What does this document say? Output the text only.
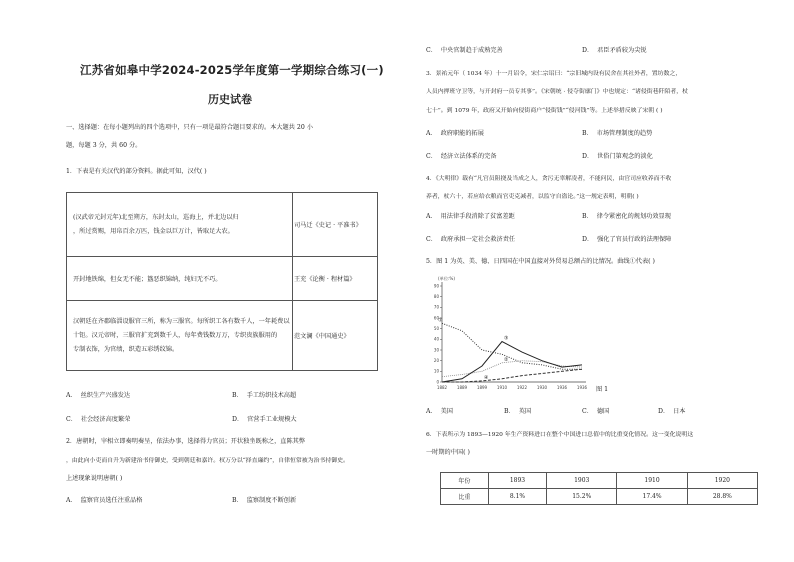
江苏省如皋中学2024-2025学年度第一学期综合练习(一)
历史试卷
一、选择题：在每小题列出的四个选项中，只有一项是最符合题目要求的。本大题共 20 小
题，每题 3 分，共 60 分。
1．下表是有关汉代的部分资料。据此可知，汉代( )
(汉武帝元封元年)北至朔方，东封太山，巡海上，并北边以归
，所过赏赐，用帛百余万匹，钱金以巨万计，皆取足大农。	司马迁《史记 · 平准书》

开封地铁绵，但女无不能；簋恶织锦纳，纯妇无不巧。	王充《论衡 · 程材篇》

汉朝廷在齐郡临淄设服官三所，称为三服官。每所织工各有数千人，一年耗费以
十钜。汉元帝时，三服官扩充到数千人，每年费钱数万万，专织贵族服用的
专制衣饰，为官绩，织造五彩绣纹锦。	范文澜《中国通史》
A． 丝织生产兴盛发达	B． 手工纺织技术高超
C． 社会经济高度繁荣	D． 官营手工业规模大
2．唐朝时，宰相立即奏明奏呈，依法办事，选择得力官员；开状独坐既称之，直陈其弊
，由此向小吏而自升为新建治书侍御史，受到朝廷和嘉许。权万分以“择直廉约”，自律恒常被为治书持御史。
上述现象说明唐朝( )
A． 监察官员选任注重品格	B． 监察制度不断创新
C． 中央官制趋于成熟完善	D． 君臣矛盾较为尖锐
3．景祐元年（ 1034 年）十一月诏令，宋仁宗诏曰：“宗旧城内设有民舍在其社外者，置坊数之，
人员内押班守卫等，与开封府一员专其事”。《宋朝统 · 侵夺街廓门》中也规定：“诸侵街巷阡陌者，杖
七十”。到 1079 年，政府又开始向侵街商户“侵街钱”“侵河钱”等。上述举措反映了宋朝 ( )
A． 政府职能的拓展	B． 市场管理制度的趋势
C． 经济立法体系的完备	D． 世俗门第观念的淡化
4．《大明律》载有“凡官员阻挠及当成之人，贪污无辜解凌者，不能问民，由官司应收养而不收
养者，杖六十，若应给衣粮而官吏克减者，以监守自盗论。”这一规定表明，明朝( )
A． 用法律手段消除了贫富差距	B． 律令紧密化的规划功效显现
C． 政府承担一定社会救济责任	D． 强化了官员行政的法理保障
5．图 1 为英、美、德、日四国在中国直接对外贸易总额占的比情况。曲线①代表( )
(单位:%)
0
10
20
30
40
50
60
70
80
90
1882 1889 1899 1910 1922 1930 1936 1936
①
②
③
④
图 1
A． 美国	B． 英国	C． 德国	D． 日本
6．下表所示为 1893—1920 年生产资料进口在整个中国进口总值中的比重变化情况。这一变化说明这
一时期的中国( )
年份	1893	1903	1910	1920
比重	8.1%	15.2%	17.4%	28.8%
